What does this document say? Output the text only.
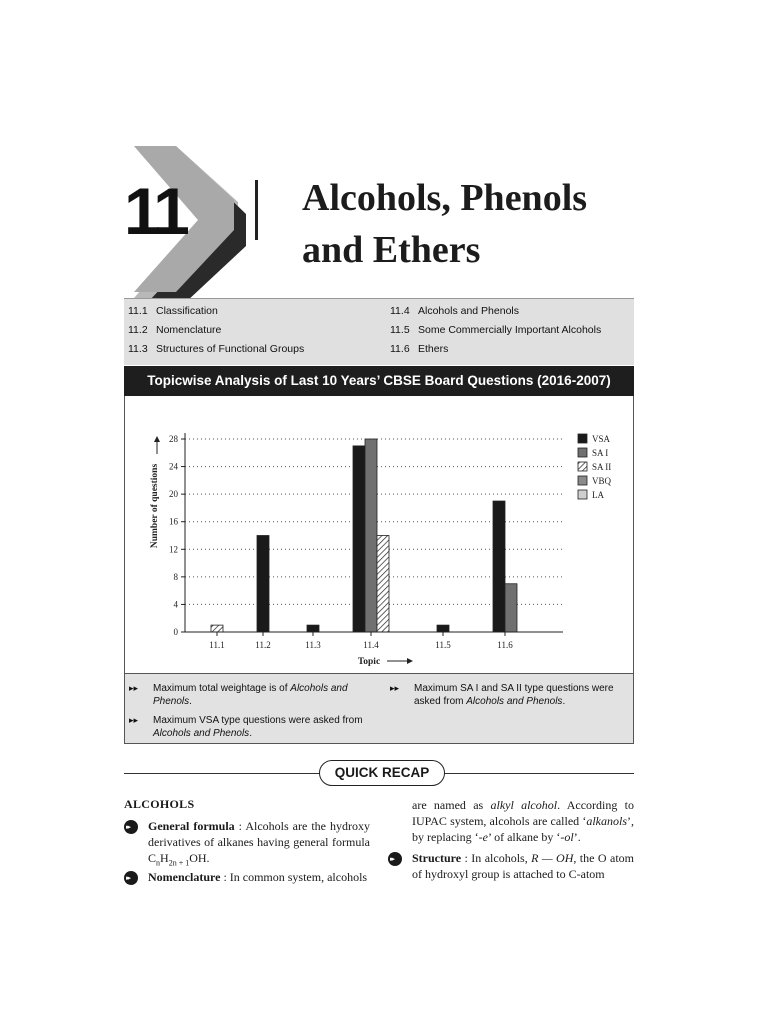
11	Alcohols, Phenols
and Ethers
11.1 Classification
11.2 Nomenclature
11.3 Structures of Functional Groups
11.4 Alcohols and Phenols
11.5 Some Commercially Important Alcohols
11.6 Ethers
Topicwise Analysis of Last 10 Years’ CBSE Board Questions (2016-2007)
0
4
8
12
16
20
24
28
11.1	11.2	11.3	11.4	11.5	11.6
Topic
Number of questions
VSA
SA I
SA II
VBQ
LA
▸▸ Maximum total weightage is of Alcohols and Phenols.
▸▸ Maximum VSA type questions were asked from Alcohols and Phenols.
▸▸ Maximum SA I and SA II type questions were asked from Alcohols and Phenols.
QUICK RECAP
ALCOHOLS
▸▸
General formula : Alcohols are the hydroxy derivatives of alkanes having general formula $C_nH_{2n + 1}OH$.
▸▸
Nomenclature : In common system, alcohols
are named as alkyl alcohol. According to IUPAC system, alcohols are called ‘alkanols’, by replacing ‘-e’ of alkane by ‘-ol’.
▸▸
Structure : In alcohols, R — OH, the O atom of hydroxyl group is attached to C-atom
